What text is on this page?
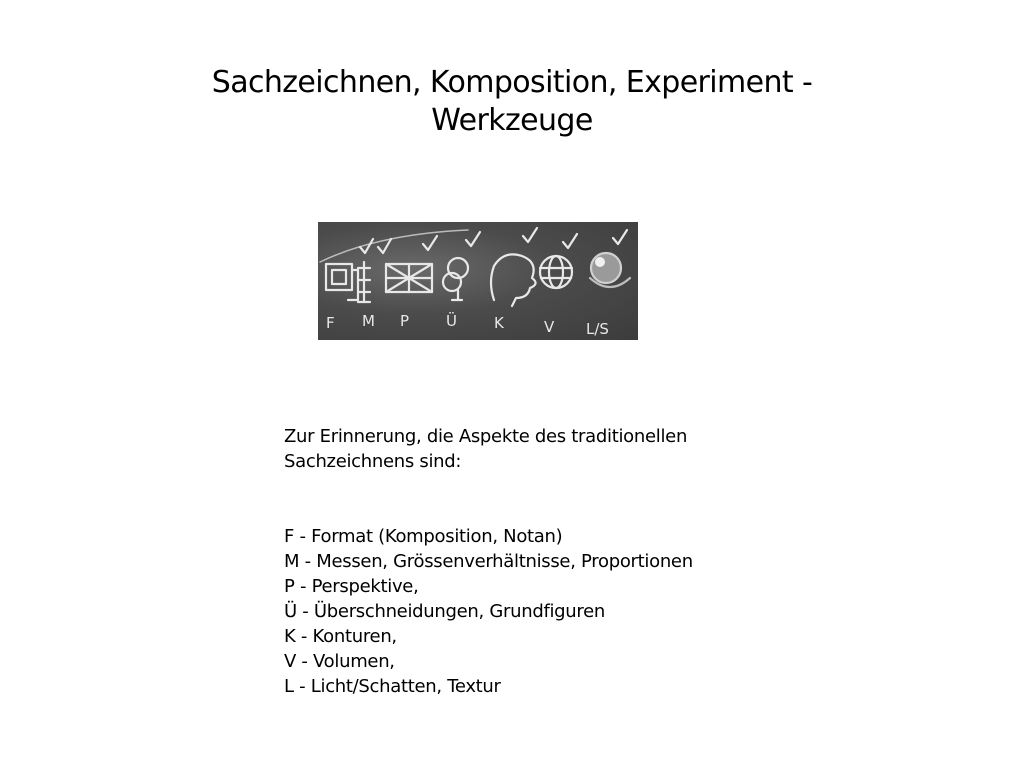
Sachzeichnen, Komposition, Experiment -
Werkzeuge
F M P Ü K	V L/S
Zur Erinnerung, die Aspekte des traditionellen
Sachzeichnens sind:
F - Format (Komposition, Notan)
M - Messen, Grössenverhältnisse, Proportionen
P - Perspektive,
Ü - Überschneidungen, Grundfiguren
K - Konturen,
V - Volumen,
L - Licht/Schatten, Textur
